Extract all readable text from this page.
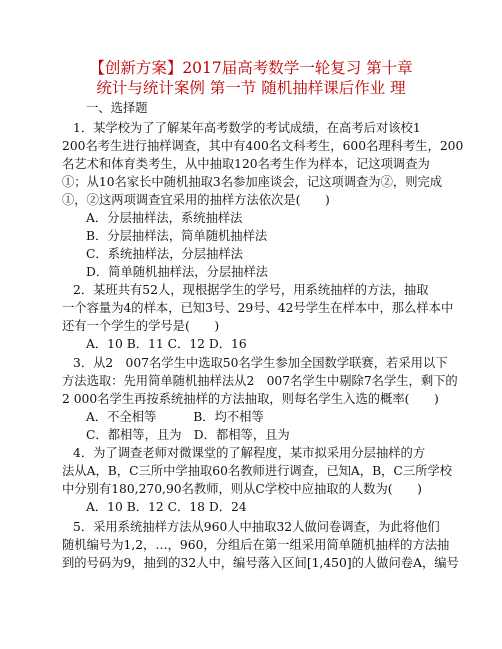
【创新方案】2017届高考数学一轮复习 第十章
统计与统计案例 第一节 随机抽样课后作业 理
一、选择题
1．某学校为了了解某年高考数学的考试成绩，在高考后对该校1
200名考生进行抽样调查，其中有400名文科考生，600名理科考生，200
名艺术和体育类考生，从中抽取120名考生作为样本，记这项调查为
①；从10名家长中随机抽取3名参加座谈会，记这项调查为②，则完成
①，②这两项调查宜采用的抽样方法依次是(　　)
A．分层抽样法，系统抽样法
B．分层抽样法，简单随机抽样法
C．系统抽样法，分层抽样法
D．简单随机抽样法，分层抽样法
2．某班共有52人，现根据学生的学号，用系统抽样的方法，抽取
一个容量为4的样本，已知3号、29号、42号学生在样本中，那么样本中
还有一个学生的学号是(　　)
A．10 B．11 C．12 D．16
3．从2　007名学生中选取50名学生参加全国数学联赛，若采用以下
方法选取：先用简单随机抽样法从2　007名学生中剔除7名学生，剩下的
2 000名学生再按系统抽样的方法抽取，则每名学生入选的概率(　　)
A．不全相等　　　B．均不相等
C．都相等，且为　D．都相等，且为
4．为了调查老师对微课堂的了解程度，某市拟采用分层抽样的方
法从A，B，C三所中学抽取60名教师进行调查，已知A，B，C三所学校
中分别有180,270,90名教师，则从C学校中应抽取的人数为(　　)
A．10 B．12 C．18 D．24
5．采用系统抽样方法从960人中抽取32人做问卷调查，为此将他们
随机编号为1,2，…，960，分组后在第一组采用简单随机抽样的方法抽
到的号码为9，抽到的32人中，编号落入区间[1,450]的人做问卷A，编号
